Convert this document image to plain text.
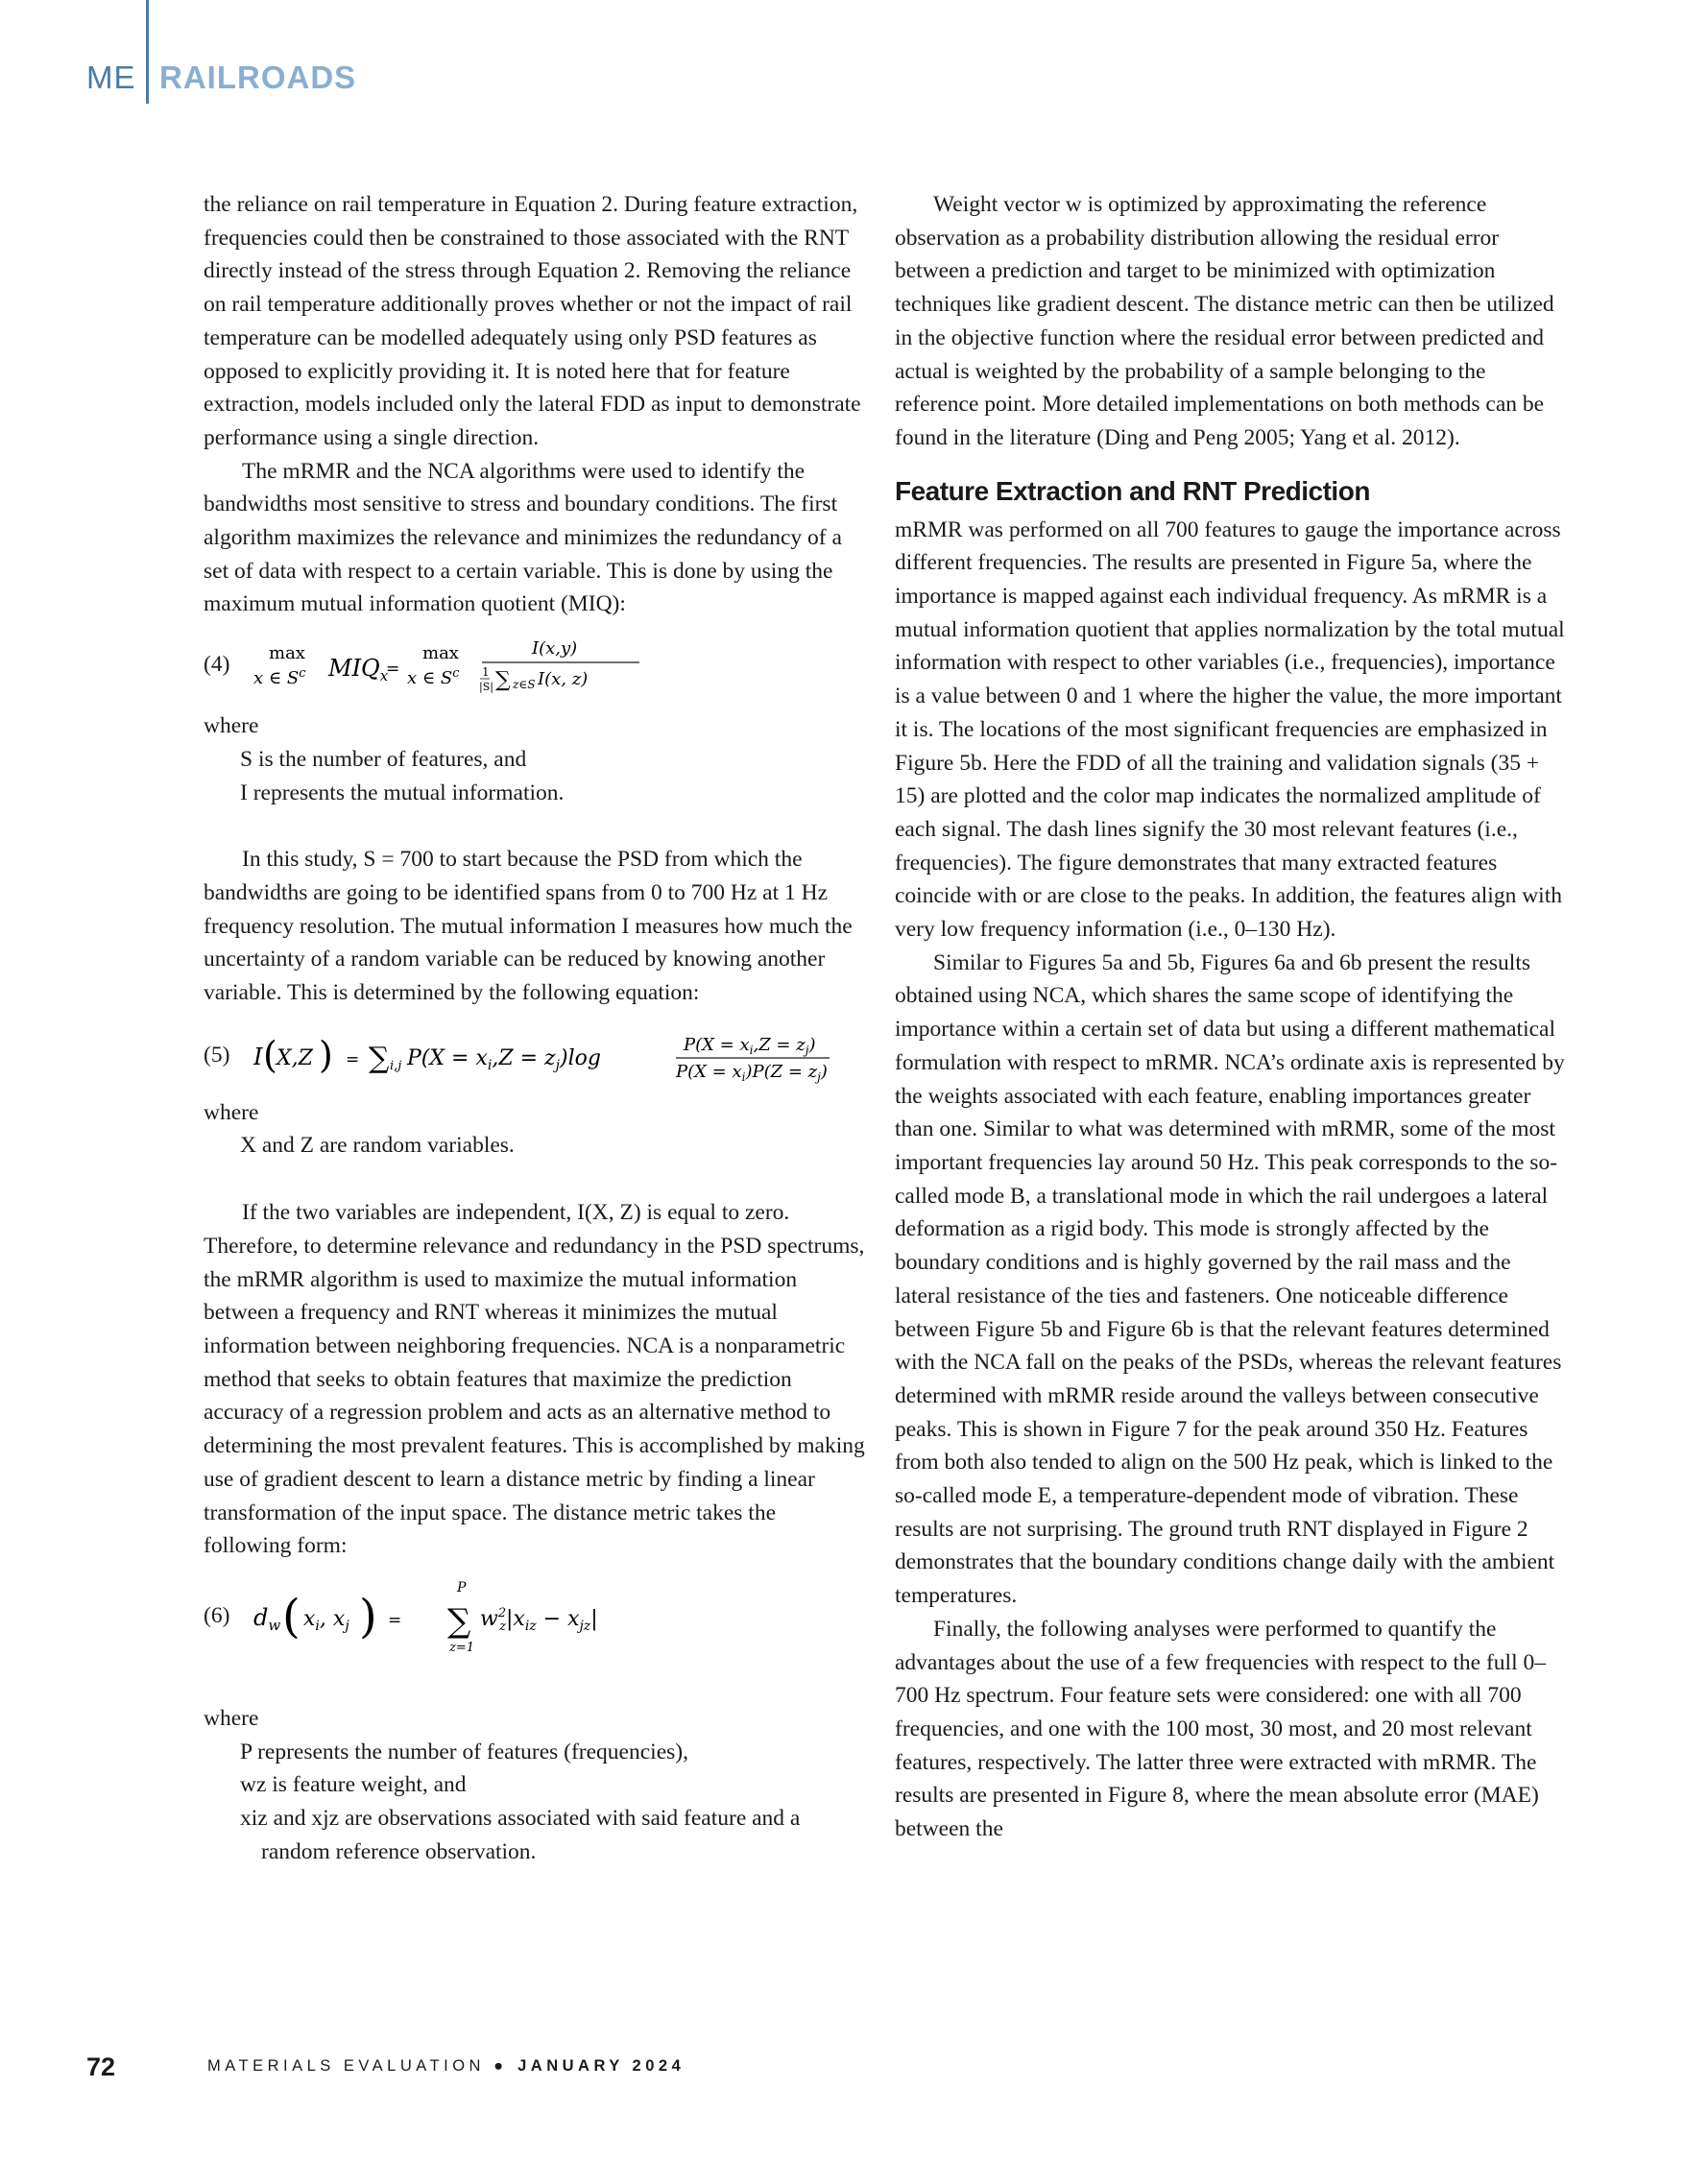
ME RAILROADS

the reliance on rail temperature in Equation 2. During feature extraction, frequencies could then be constrained to those associated with the RNT directly instead of the stress through Equation 2. Removing the reliance on rail temperature additionally proves whether or not the impact of rail temperature can be modelled adequately using only PSD features as opposed to explicitly providing it. It is noted here that for feature extraction, models included only the lateral FDD as input to demonstrate performance using a single direction.

The mRMR and the NCA algorithms were used to identify the bandwidths most sensitive to stress and boundary conditions. The first algorithm maximizes the relevance and minimizes the redundancy of a set of data with respect to a certain variable. This is done by using the maximum mutual information quotient (MIQ):

(4) max
x ∈ $S^c$ $MIQ_x$
=
max
x ∈ $S^c$
I(x,y)
1
|S| ∑ z∈S I(x, z)

where

S is the number of features, and

I represents the mutual information.

In this study, S = 700 to start because the PSD from which the bandwidths are going to be identified spans from 0 to 700 Hz at 1 Hz frequency resolution. The mutual information I measures how much the uncertainty of a random variable can be reduced by knowing another variable. This is determined by the following equation:

(5) I ( X,Z ) = ∑ i,j $P(X = x_i,Z = z_j)\log$
$P(X = x_i,Z = z_j)$
$P(X = x_i)P(Z = z_j)$

where

X and Z are random variables.

If the two variables are independent, I(X, Z) is equal to zero. Therefore, to determine relevance and redundancy in the PSD spectrums, the mRMR algorithm is used to maximize the mutual information between a frequency and RNT whereas it minimizes the mutual information between neighboring frequencies. NCA is a nonparametric method that seeks to obtain features that maximize the prediction accuracy of a regression problem and acts as an alternative method to determining the most prevalent features. This is accomplished by making use of gradient descent to learn a distance metric by finding a linear transformation of the input space. The distance metric takes the following form:

(6) $d_w$ ( $x_i$, $x_j$ ) =
P
∑
z=1
$w^2$ $z|x_{iz} - x_{jz}|$

where

P represents the number of features (frequencies),

wz is feature weight, and

xiz and xjz are observations associated with said feature and a random reference observation.

Weight vector w is optimized by approximating the reference observation as a probability distribution allowing the residual error between a prediction and target to be minimized with optimization techniques like gradient descent. The distance metric can then be utilized in the objective function where the residual error between predicted and actual is weighted by the probability of a sample belonging to the reference point. More detailed implementations on both methods can be found in the literature (Ding and Peng 2005; Yang et al. 2012).

Feature Extraction and RNT Prediction

mRMR was performed on all 700 features to gauge the importance across different frequencies. The results are presented in Figure 5a, where the importance is mapped against each individual frequency. As mRMR is a mutual information quotient that applies normalization by the total mutual information with respect to other variables (i.e., frequencies), importance is a value between 0 and 1 where the higher the value, the more important it is. The locations of the most significant frequencies are emphasized in Figure 5b. Here the FDD of all the training and validation signals (35 + 15) are plotted and the color map indicates the normalized amplitude of each signal. The dash lines signify the 30 most relevant features (i.e., frequencies). The figure demonstrates that many extracted features coincide with or are close to the peaks. In addition, the features align with very low frequency information (i.e., 0–130 Hz).

Similar to Figures 5a and 5b, Figures 6a and 6b present the results obtained using NCA, which shares the same scope of identifying the importance within a certain set of data but using a different mathematical formulation with respect to mRMR. NCA’s ordinate axis is represented by the weights associated with each feature, enabling importances greater than one. Similar to what was determined with mRMR, some of the most important frequencies lay around 50 Hz. This peak corresponds to the so-called mode B, a translational mode in which the rail undergoes a lateral deformation as a rigid body. This mode is strongly affected by the boundary conditions and is highly governed by the rail mass and the lateral resistance of the ties and fasteners. One noticeable difference between Figure 5b and Figure 6b is that the relevant features determined with the NCA fall on the peaks of the PSDs, whereas the relevant features determined with mRMR reside around the valleys between consecutive peaks. This is shown in Figure 7 for the peak around 350 Hz. Features from both also tended to align on the 500 Hz peak, which is linked to the so-called mode E, a temperature-dependent mode of vibration. These results are not surprising. The ground truth RNT displayed in Figure 2 demonstrates that the boundary conditions change daily with the ambient temperatures.

Finally, the following analyses were performed to quantify the advantages about the use of a few frequencies with respect to the full 0–700 Hz spectrum. Four feature sets were considered: one with all 700 frequencies, and one with the 100 most, 30 most, and 20 most relevant features, respectively. The latter three were extracted with mRMR. The results are presented in Figure 8, where the mean absolute error (MAE) between the

72	MATERIALS EVALUATION ● JANUARY 2024
